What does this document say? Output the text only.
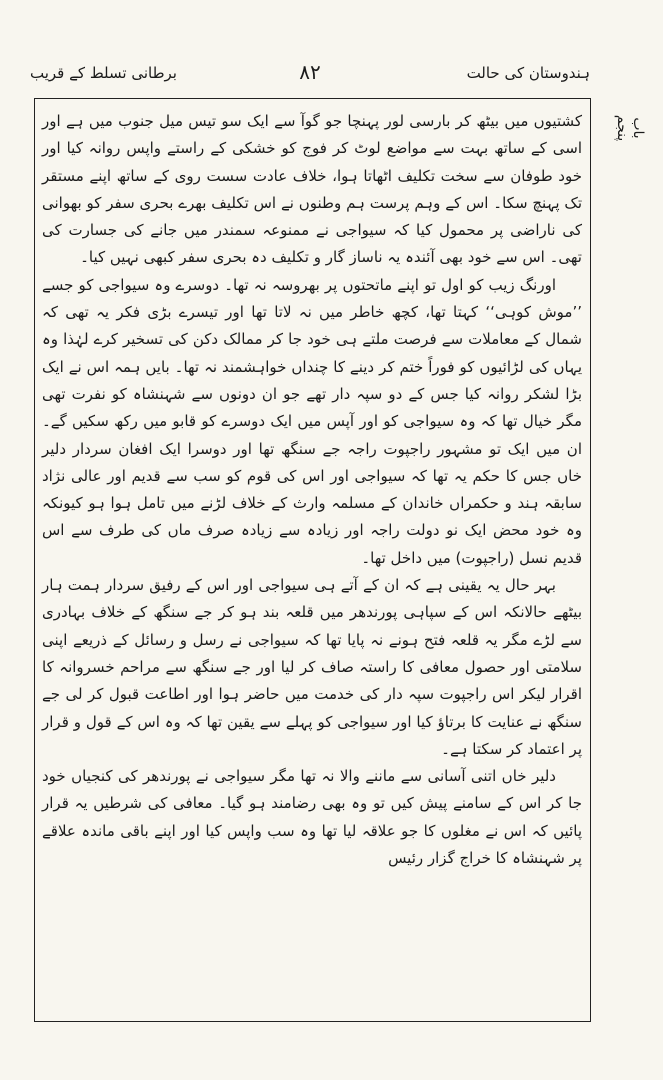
ہندوستان کی حالت
۸۲
برطانی تسلط کے قریب
باب پنجم

کشتیوں میں بیٹھ کر بارسی لور پہنچا جو گوآ سے ایک سو تیس میل جنوب میں ہے اور اسی کے ساتھ بہت سے مواضع لوٹ کر فوج کو خشکی کے راستے واپس روانہ کیا اور خود طوفان سے سخت تکلیف اٹھاتا ہوا، خلاف عادت سست روی کے ساتھ اپنے مستقر تک پہنچ سکا۔ اس کے وہم پرست ہم وطنوں نے اس تکلیف بھرے بحری سفر کو بھوانی کی ناراضی پر محمول کیا کہ سیواجی نے ممنوعہ سمندر میں جانے کی جسارت کی تھی۔ اس سے خود بھی آئندہ یہ ناساز گار و تکلیف دہ بحری سفر کبھی نہیں کیا۔

اورنگ زیب کو اول تو اپنے ماتحتوں پر بھروسہ نہ تھا۔ دوسرے وہ سیواجی کو جسے ’’موش کوہی‘‘ کہتا تھا، کچھ خاطر میں نہ لاتا تھا اور تیسرے بڑی فکر یہ تھی کہ شمال کے معاملات سے فرصت ملتے ہی خود جا کر ممالک دکن کی تسخیر کرے لہٰذا وہ یہاں کی لڑائیوں کو فوراً ختم کر دینے کا چنداں خواہشمند نہ تھا۔ بایں ہمہ اس نے ایک بڑا لشکر روانہ کیا جس کے دو سپہ دار تھے جو ان دونوں سے شہنشاہ کو نفرت تھی مگر خیال تھا کہ وہ سیواجی کو اور آپس میں ایک دوسرے کو قابو میں رکھ سکیں گے۔ ان میں ایک تو مشہور راجپوت راجہ جے سنگھ تھا اور دوسرا ایک افغان سردار دلیر خاں جس کا حکم یہ تھا کہ سیواجی اور اس کی قوم کو سب سے قدیم اور عالی نژاد سابقہ ہند و حکمراں خاندان کے مسلمہ وارث کے خلاف لڑنے میں تامل ہوا ہو کیونکہ وہ خود محض ایک نو دولت راجہ اور زیادہ سے زیادہ صرف ماں کی طرف سے اس قدیم نسل (راجپوت) میں داخل تھا۔

بہر حال یہ یقینی ہے کہ ان کے آتے ہی سیواجی اور اس کے رفیق سردار ہمت ہار بیٹھے حالانکہ اس کے سپاہی پورندھر میں قلعہ بند ہو کر جے سنگھ کے خلاف بہادری سے لڑے مگر یہ قلعہ فتح ہونے نہ پایا تھا کہ سیواجی نے رسل و رسائل کے ذریعے اپنی سلامتی اور حصول معافی کا راستہ صاف کر لیا اور جے سنگھ سے مراحم خسروانہ کا اقرار لیکر اس راجپوت سپہ دار کی خدمت میں حاضر ہوا اور اطاعت قبول کر لی جے سنگھ نے عنایت کا برتاؤ کیا اور سیواجی کو پہلے سے یقین تھا کہ وہ اس کے قول و قرار پر اعتماد کر سکتا ہے۔

دلیر خاں اتنی آسانی سے ماننے والا نہ تھا مگر سیواجی نے پورندھر کی کنجیاں خود جا کر اس کے سامنے پیش کیں تو وہ بھی رضامند ہو گیا۔ معافی کی شرطیں یہ قرار پائیں کہ اس نے مغلوں کا جو علاقہ لیا تھا وہ سب واپس کیا اور اپنے باقی ماندہ علاقے پر شہنشاہ کا خراج گزار رئیس
